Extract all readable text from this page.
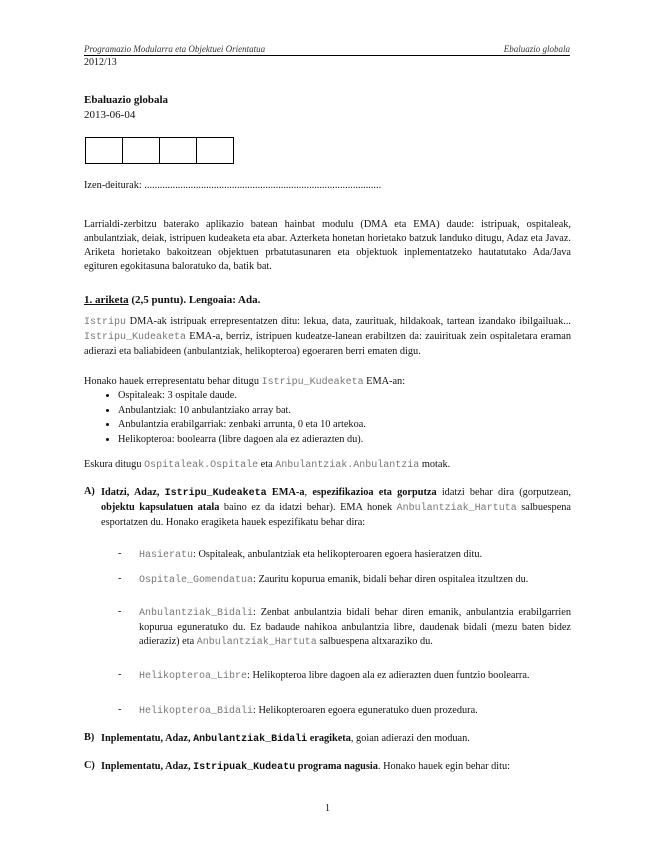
Programazio Modularra eta Objektuei Orientatua	Ebaluazio globala
2012/13
Ebaluazio globala
2013-06-04

Izen-deiturak: ............................................................................................
Larrialdi-zerbitzu baterako aplikazio batean hainbat modulu (DMA eta EMA) daude: istripuak, ospitaleak, anbulantziak, deiak, istripuen kudeaketa eta abar. Azterketa honetan horietako batzuk landuko ditugu, Adaz eta Javaz. Ariketa horietako bakoitzean objektuen prbatutasunaren eta objektuok inplementatzeko hautatutako Ada/Java egituren egokitasuna baloratuko da, batik bat.
1. ariketa (2,5 puntu). Lengoaia: Ada.
Istripu DMA-ak istripuak errepresentatzen ditu: lekua, data, zaurituak, hildakoak, tartean izandako ibilgailuak... Istripu_Kudeaketa EMA-a, berriz, istripuen kudeatze-lanean erabiltzen da: zauirituak zein ospitaletara eraman adierazi eta baliabideen (anbulantziak, helikopteroa) egoeraren berri ematen digu.
Honako hauek errepresentatu behar ditugu Istripu_Kudeaketa EMA-an:
• Ospitaleak: 3 ospitale daude.
• Anbulantziak: 10 anbulantziako array bat.
• Anbulantzia erabilgarriak: zenbaki arrunta, 0 eta 10 artekoa.
• Helikopteroa: boolearra (libre dagoen ala ez adierazten du).
Eskura ditugu Ospitaleak.Ospitale eta Anbulantziak.Anbulantzia motak.
A) Idatzi, Adaz, Istripu_Kudeaketa EMA-a, espezifikazioa eta gorputza idatzi behar dira (gorputzean, objektu kapsulatuen atala baino ez da idatzi behar). EMA honek Anbulantziak_Hartuta salbuespena esportatzen du. Honako eragiketa hauek espezifikatu behar dira:
- Hasieratu: Ospitaleak, anbulantziak eta helikopteroaren egoera hasieratzen ditu.
- Ospitale_Gomendatua: Zauritu kopurua emanik, bidali behar diren ospitalea itzultzen du.
- Anbulantziak_Bidali: Zenbat anbulantzia bidali behar diren emanik, anbulantzia erabilgarrien kopurua eguneratuko du. Ez badaude nahikoa anbulantzia libre, daudenak bidali (mezu baten bidez adieraziz) eta Anbulantziak_Hartuta salbuespena altxaraziko du.
- Helikopteroa_Libre: Helikopteroa libre dagoen ala ez adierazten duen funtzio boolearra.
- Helikopteroa_Bidali: Helikopteroaren egoera eguneratuko duen prozedura.
B) Inplementatu, Adaz, Anbulantziak_Bidali eragiketa, goian adierazi den moduan.
C) Inplementatu, Adaz, Istripuak_Kudeatu programa nagusia. Honako hauek egin behar ditu:
1
